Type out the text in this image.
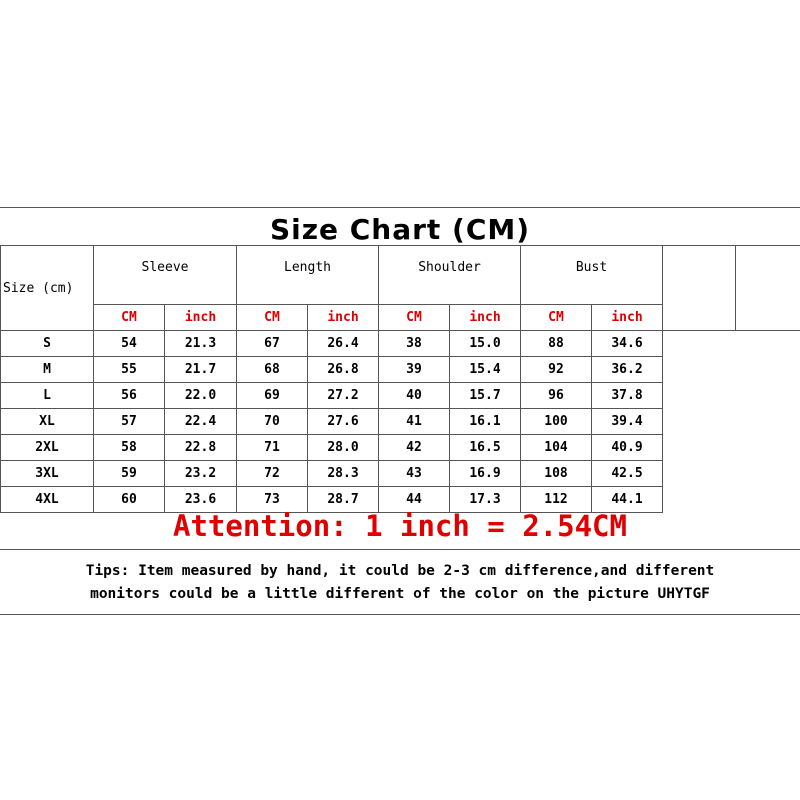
Size Chart (CM)
Size (cm)	Sleeve		Length		Shoulder		Bust			
	CM	inch	CM	inch	CM	inch	CM	inch		
S	54	21.3	67	26.4	38	15.0	88	34.6		
M	55	21.7	68	26.8	39	15.4	92	36.2		
L	56	22.0	69	27.2	40	15.7	96	37.8		
XL	57	22.4	70	27.6	41	16.1	100	39.4		
2XL	58	22.8	71	28.0	42	16.5	104	40.9		
3XL	59	23.2	72	28.3	43	16.9	108	42.5		
4XL	60	23.6	73	28.7	44	17.3	112	44.1		
Attention: 1 inch = 2.54CM
Tips: Item measured by hand, it could be 2-3 cm difference,and different
monitors could be a little different of the color on the picture UHYTGF
